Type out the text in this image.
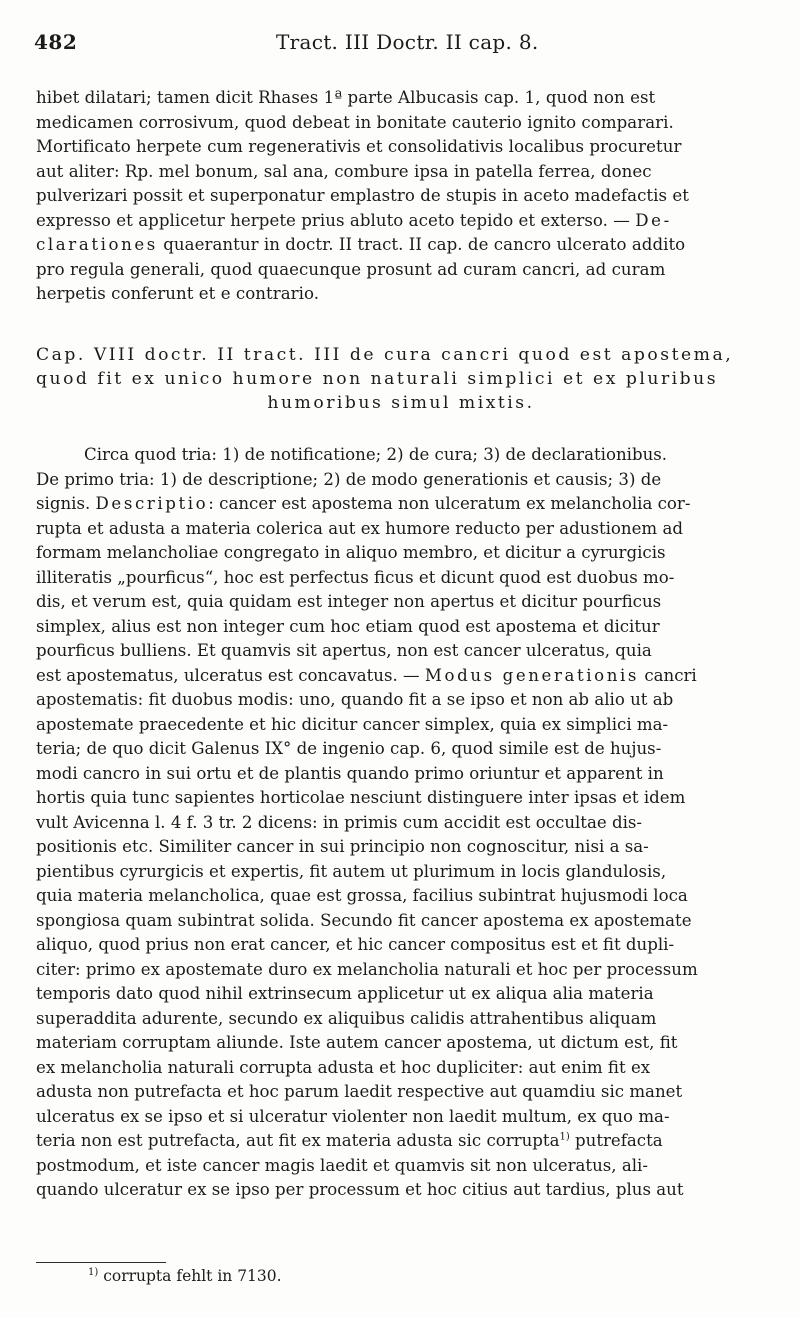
482	Tract. III Doctr. II cap. 8.
hibet dilatari; tamen dicit Rhases 1ª parte Albucasis cap. 1, quod non est
medicamen corrosivum, quod debeat in bonitate cauterio ignito comparari.
Mortificato herpete cum regenerativis et consolidativis localibus procuretur
aut aliter: Rp. mel bonum, sal ana, combure ipsa in patella ferrea, donec
pulverizari possit et superponatur emplastro de stupis in aceto madefactis et
expresso et applicetur herpete prius abluto aceto tepido et exterso. — De-
clarationes quaerantur in doctr. II tract. II cap. de cancro ulcerato addito
pro regula generali, quod quaecunque prosunt ad curam cancri, ad curam
herpetis conferunt et e contrario.
Cap. VIII doctr. II tract. III de cura cancri quod est apostema,
quod fit ex unico humore non naturali simplici et ex pluribus
humoribus simul mixtis.
Circa quod tria: 1) de notificatione; 2) de cura; 3) de declarationibus.
De primo tria: 1) de descriptione; 2) de modo generationis et causis; 3) de
signis. Descriptio: cancer est apostema non ulceratum ex melancholia cor-
rupta et adusta a materia colerica aut ex humore reducto per adustionem ad
formam melancholiae congregato in aliquo membro, et dicitur a cyrurgicis
illiteratis „pourficus“, hoc est perfectus ficus et dicunt quod est duobus mo-
dis, et verum est, quia quidam est integer non apertus et dicitur pourficus
simplex, alius est non integer cum hoc etiam quod est apostema et dicitur
pourficus bulliens. Et quamvis sit apertus, non est cancer ulceratus, quia
est apostematus, ulceratus est concavatus. — Modus generationis cancri
apostematis: fit duobus modis: uno, quando fit a se ipso et non ab alio ut ab
apostemate praecedente et hic dicitur cancer simplex, quia ex simplici ma-
teria; de quo dicit Galenus IX° de ingenio cap. 6, quod simile est de hujus-
modi cancro in sui ortu et de plantis quando primo oriuntur et apparent in
hortis quia tunc sapientes horticolae nesciunt distinguere inter ipsas et idem
vult Avicenna l. 4 f. 3 tr. 2 dicens: in primis cum accidit est occultae dis-
positionis etc. Similiter cancer in sui principio non cognoscitur, nisi a sa-
pientibus cyrurgicis et expertis, fit autem ut plurimum in locis glandulosis,
quia materia melancholica, quae est grossa, facilius subintrat hujusmodi loca
spongiosa quam subintrat solida. Secundo fit cancer apostema ex apostemate
aliquo, quod prius non erat cancer, et hic cancer compositus est et fit dupli-
citer: primo ex apostemate duro ex melancholia naturali et hoc per processum
temporis dato quod nihil extrinsecum applicetur ut ex aliqua alia materia
superaddita adurente, secundo ex aliquibus calidis attrahentibus aliquam
materiam corruptam aliunde. Iste autem cancer apostema, ut dictum est, fit
ex melancholia naturali corrupta adusta et hoc dupliciter: aut enim fit ex
adusta non putrefacta et hoc parum laedit respective aut quamdiu sic manet
ulceratus ex se ipso et si ulceratur violenter non laedit multum, ex quo ma-
teria non est putrefacta, aut fit ex materia adusta sic corrupta$^{1)}$ putrefacta
postmodum, et iste cancer magis laedit et quamvis sit non ulceratus, ali-
quando ulceratur ex se ipso per processum et hoc citius aut tardius, plus aut
$^{1)}$ corrupta fehlt in 7130.
